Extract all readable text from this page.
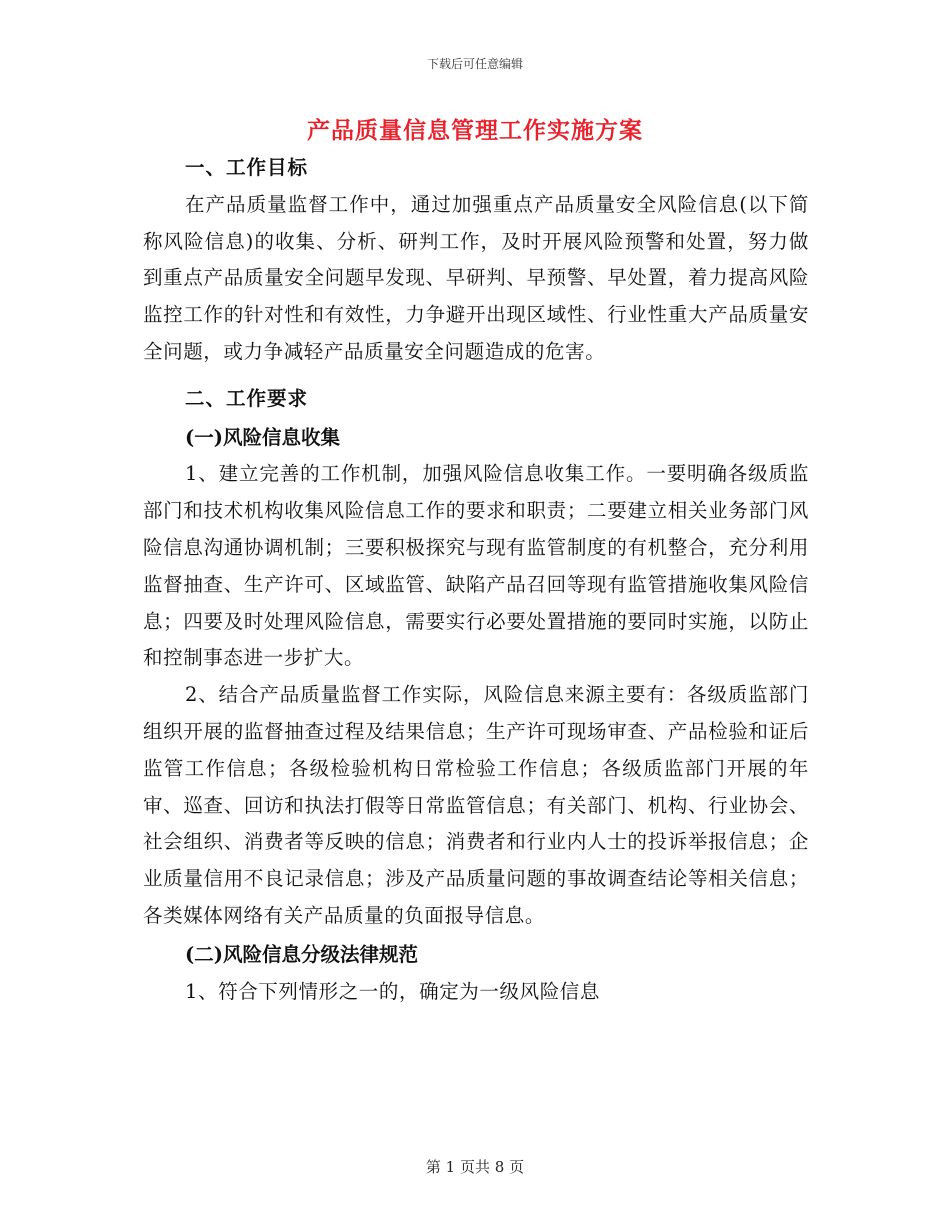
下载后可任意编辑
产品质量信息管理工作实施方案
一、工作目标
在产品质量监督工作中，通过加强重点产品质量安全风险信息(以下简称风险信息)的收集、分析、研判工作，及时开展风险预警和处置，努力做到重点产品质量安全问题早发现、早研判、早预警、早处置，着力提高风险监控工作的针对性和有效性，力争避开出现区域性、行业性重大产品质量安全问题，或力争减轻产品质量安全问题造成的危害。
二、工作要求
(一)风险信息收集
1、建立完善的工作机制，加强风险信息收集工作。一要明确各级质监部门和技术机构收集风险信息工作的要求和职责；二要建立相关业务部门风险信息沟通协调机制；三要积极探究与现有监管制度的有机整合，充分利用监督抽查、生产许可、区域监管、缺陷产品召回等现有监管措施收集风险信息；四要及时处理风险信息，需要实行必要处置措施的要同时实施，以防止和控制事态进一步扩大。
2、结合产品质量监督工作实际，风险信息来源主要有：各级质监部门组织开展的监督抽查过程及结果信息；生产许可现场审查、产品检验和证后监管工作信息；各级检验机构日常检验工作信息；各级质监部门开展的年审、巡查、回访和执法打假等日常监管信息；有关部门、机构、行业协会、社会组织、消费者等反映的信息；消费者和行业内人士的投诉举报信息；企业质量信用不良记录信息；涉及产品质量问题的事故调查结论等相关信息；各类媒体网络有关产品质量的负面报导信息。
(二)风险信息分级法律规范
1、符合下列情形之一的，确定为一级风险信息
第 1 页共 8 页
